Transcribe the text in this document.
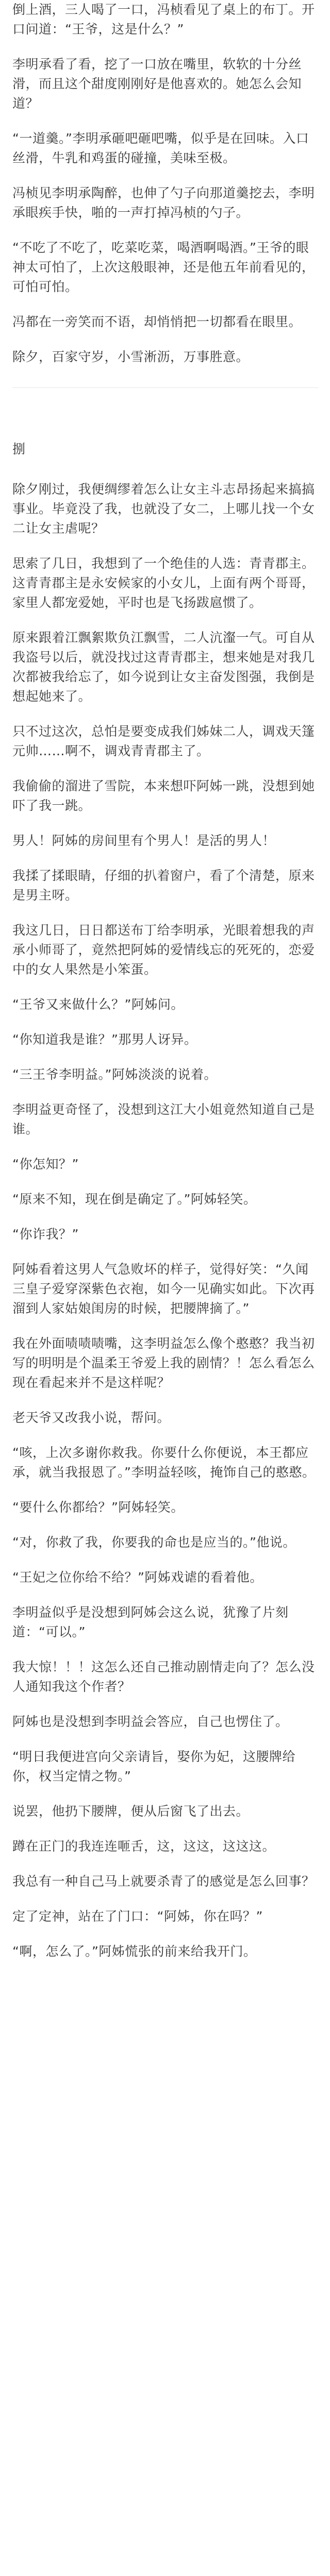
倒上酒，三人喝了一口，冯桢看见了桌上的布丁。开口问道：“王爷，这是什么？”

李明承看了看，挖了一口放在嘴里，软软的十分丝滑，而且这个甜度刚刚好是他喜欢的。她怎么会知道？

“一道羹。”李明承砸吧砸吧嘴，似乎是在回味。入口丝滑，牛乳和鸡蛋的碰撞，美味至极。

冯桢见李明承陶醉，也伸了勺子向那道羹挖去，李明承眼疾手快，啪的一声打掉冯桢的勺子。

“不吃了不吃了，吃菜吃菜，喝酒啊喝酒。”王爷的眼神太可怕了，上次这般眼神，还是他五年前看见的，可怕可怕。

冯都在一旁笑而不语，却悄悄把一切都看在眼里。

除夕，百家守岁，小雪淅沥，万事胜意。

捌

除夕刚过，我便绸缪着怎么让女主斗志昂扬起来搞搞事业。毕竟没了我，也就没了女二，上哪儿找一个女二让女主虐呢？

思索了几日，我想到了一个绝佳的人选：青青郡主。这青青郡主是永安候家的小女儿，上面有两个哥哥，家里人都宠爱她，平时也是飞扬跋扈惯了。

原来跟着江飘絮欺负江飘雪，二人沆瀣一气。可自从我盗号以后，就没找过这青青郡主，想来她是对我几次都被我给忘了，如今说到让女主奋发图强，我倒是想起她来了。

只不过这次，总怕是要变成我们姊妹二人，调戏天篷元帅……啊不，调戏青青郡主了。

我偷偷的溜进了雪院，本来想吓阿姊一跳，没想到她吓了我一跳。

男人！阿姊的房间里有个男人！是活的男人！

我揉了揉眼睛，仔细的扒着窗户，看了个清楚，原来是男主呀。

我这几日，日日都送布丁给李明承，光眼着想我的声承小师哥了，竟然把阿姊的爱情线忘的死死的，恋爱中的女人果然是小笨蛋。

“王爷又来做什么？”阿姊问。

“你知道我是谁？”那男人讶异。

“三王爷李明益。”阿姊淡淡的说着。

李明益更奇怪了，没想到这江大小姐竟然知道自己是谁。

“你怎知？”

“原来不知，现在倒是确定了。”阿姊轻笑。

“你诈我？”

阿姊看着这男人气急败坏的样子，觉得好笑：“久闻三皇子爱穿深紫色衣袍，如今一见确实如此。下次再溜到人家姑娘闺房的时候，把腰牌摘了。”

我在外面啧啧啧嘴，这李明益怎么像个憨憨？我当初写的明明是个温柔王爷爱上我的剧情？！怎么看怎么现在看起来并不是这样呢？

老天爷又改我小说，帮问。

“咳，上次多谢你救我。你要什么你便说，本王都应承，就当我报恩了。”李明益轻咳，掩饰自己的憨憨。

“要什么你都给？”阿姊轻笑。

“对，你救了我，你要我的命也是应当的。”他说。

“王妃之位你给不给？”阿姊戏谑的看着他。

李明益似乎是没想到阿姊会这么说，犹豫了片刻道：“可以。”

我大惊！！！这怎么还自己推动剧情走向了？怎么没人通知我这个作者？

阿姊也是没想到李明益会答应，自己也愣住了。

“明日我便进宫向父亲请旨，娶你为妃，这腰牌给你，权当定情之物。”

说罢，他扔下腰牌，便从后窗飞了出去。

蹲在正门的我连连咂舌，这，这这，这这这。

我总有一种自己马上就要杀青了的感觉是怎么回事？

定了定神，站在了门口：“阿姊，你在吗？”

“啊，怎么了。”阿姊慌张的前来给我开门。
